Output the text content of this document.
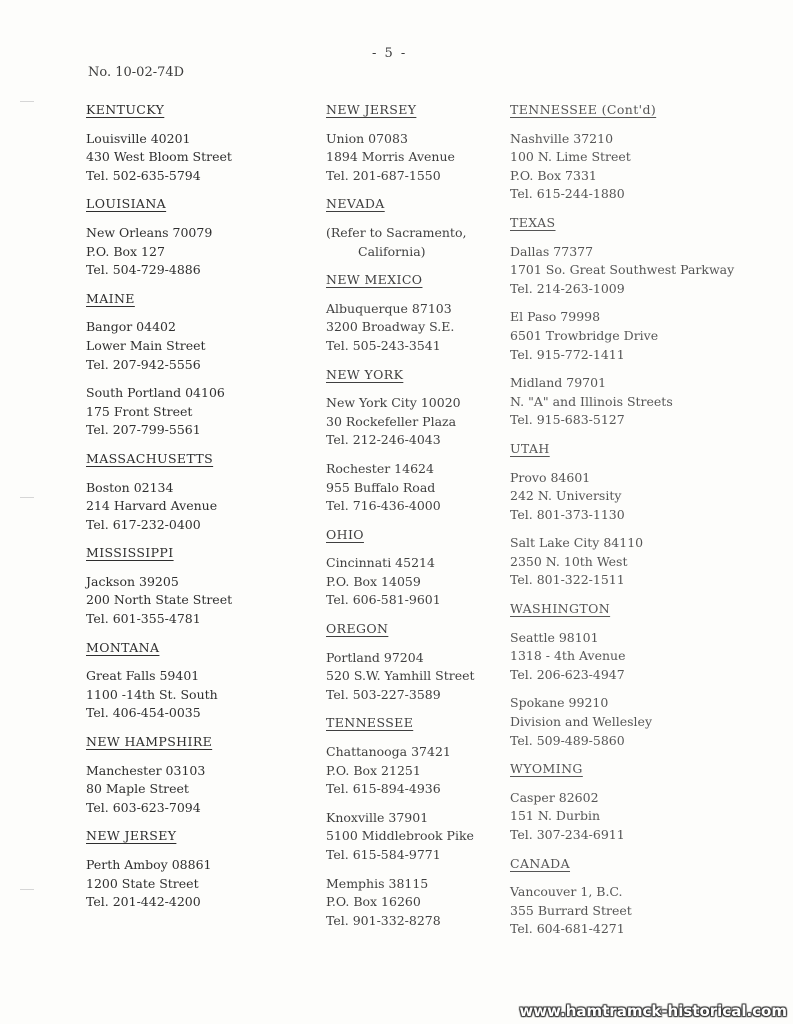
- 5 -
No. 10-02-74D
KENTUCKY
Louisville 40201
430 West Bloom Street
Tel. 502-635-5794
LOUISIANA
New Orleans 70079
P.O. Box 127
Tel. 504-729-4886
MAINE
Bangor 04402
Lower Main Street
Tel. 207-942-5556
South Portland 04106
175 Front Street
Tel. 207-799-5561
MASSACHUSETTS
Boston 02134
214 Harvard Avenue
Tel. 617-232-0400
MISSISSIPPI
Jackson 39205
200 North State Street
Tel. 601-355-4781
MONTANA
Great Falls 59401
1100 -14th St. South
Tel. 406-454-0035
NEW HAMPSHIRE
Manchester 03103
80 Maple Street
Tel. 603-623-7094
NEW JERSEY
Perth Amboy 08861
1200 State Street
Tel. 201-442-4200
NEW JERSEY
Union 07083
1894 Morris Avenue
Tel. 201-687-1550
NEVADA
(Refer to Sacramento,
California)
NEW MEXICO
Albuquerque 87103
3200 Broadway S.E.
Tel. 505-243-3541
NEW YORK
New York City 10020
30 Rockefeller Plaza
Tel. 212-246-4043
Rochester 14624
955 Buffalo Road
Tel. 716-436-4000
OHIO
Cincinnati 45214
P.O. Box 14059
Tel. 606-581-9601
OREGON
Portland 97204
520 S.W. Yamhill Street
Tel. 503-227-3589
TENNESSEE
Chattanooga 37421
P.O. Box 21251
Tel. 615-894-4936
Knoxville 37901
5100 Middlebrook Pike
Tel. 615-584-9771
Memphis 38115
P.O. Box 16260
Tel. 901-332-8278
TENNESSEE (Cont'd)
Nashville 37210
100 N. Lime Street
P.O. Box 7331
Tel. 615-244-1880
TEXAS
Dallas 77377
1701 So. Great Southwest Parkway
Tel. 214-263-1009
El Paso 79998
6501 Trowbridge Drive
Tel. 915-772-1411
Midland 79701
N. "A" and Illinois Streets
Tel. 915-683-5127
UTAH
Provo 84601
242 N. University
Tel. 801-373-1130
Salt Lake City 84110
2350 N. 10th West
Tel. 801-322-1511
WASHINGTON
Seattle 98101
1318 - 4th Avenue
Tel. 206-623-4947
Spokane 99210
Division and Wellesley
Tel. 509-489-5860
WYOMING
Casper 82602
151 N. Durbin
Tel. 307-234-6911
CANADA
Vancouver 1, B.C.
355 Burrard Street
Tel. 604-681-4271
www.hamtramck-historical.com
